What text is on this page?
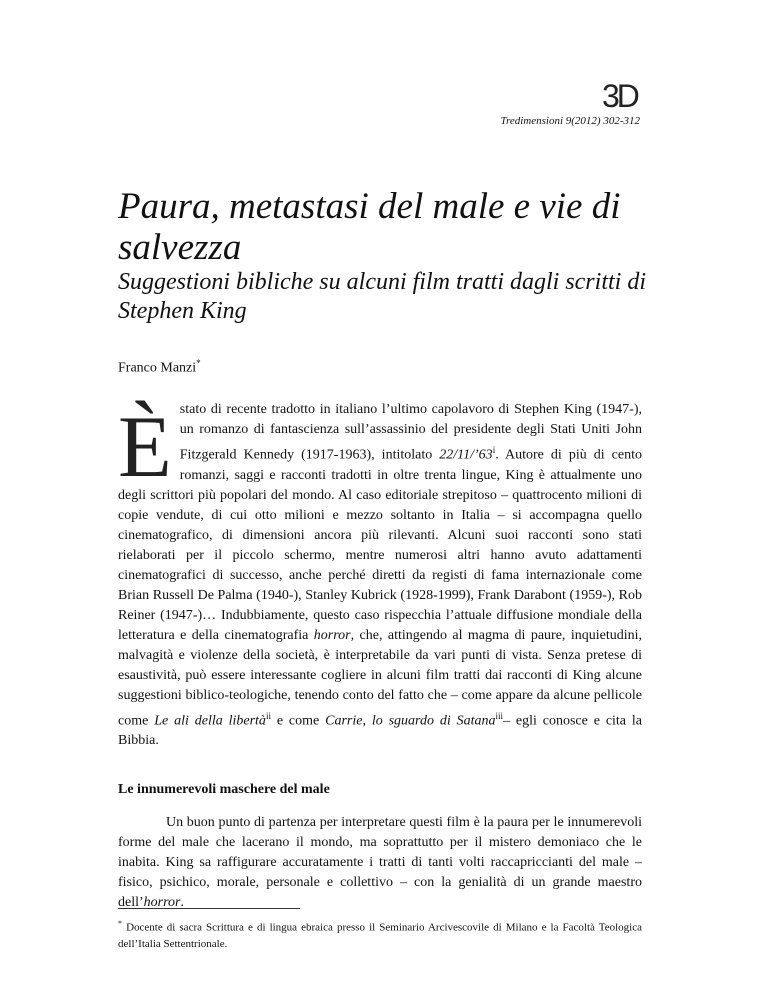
3D
Tredimensioni 9(2012) 302-312
Paura, metastasi del male e vie di salvezza
Suggestioni bibliche su alcuni film tratti dagli scritti di Stephen King
Franco Manzi*
È stato di recente tradotto in italiano l’ultimo capolavoro di Stephen King (1947-), un romanzo di fantascienza sull’assassinio del presidente degli Stati Uniti John Fitzgerald Kennedy (1917-1963), intitolato 22/11/’63$^i$. Autore di più di cento romanzi, saggi e racconti tradotti in oltre trenta lingue, King è attualmente uno degli scrittori più popolari del mondo. Al caso editoriale strepitoso – quattrocento milioni di copie vendute, di cui otto milioni e mezzo soltanto in Italia – si accompagna quello cinematografico, di dimensioni ancora più rilevanti. Alcuni suoi racconti sono stati rielaborati per il piccolo schermo, mentre numerosi altri hanno avuto adattamenti cinematografici di successo, anche perché diretti da registi di fama internazionale come Brian Russell De Palma (1940-), Stanley Kubrick (1928-1999), Frank Darabont (1959-), Rob Reiner (1947-)… Indubbiamente, questo caso rispecchia l’attuale diffusione mondiale della letteratura e della cinematografia horror, che, attingendo al magma di paure, inquietudini, malvagità e violenze della società, è interpretabile da vari punti di vista. Senza pretese di esaustività, può essere interessante cogliere in alcuni film tratti dai racconti di King alcune suggestioni biblico-teologiche, tenendo conto del fatto che – come appare da alcune pellicole come Le ali della libertà$^{ii}$ e come Carrie, lo sguardo di Satana$^{iii}$– egli conosce e cita la Bibbia.

Le innumerevoli maschere del male

Un buon punto di partenza per interpretare questi film è la paura per le innumerevoli forme del male che lacerano il mondo, ma soprattutto per il mistero demoniaco che le inabita. King sa raffigurare accuratamente i tratti di tanti volti raccapriccianti del male – fisico, psichico, morale, personale e collettivo – con la genialità di un grande maestro dell’horror.

* Docente di sacra Scrittura e di lingua ebraica presso il Seminario Arcivescovile di Milano e la Facoltà Teologica dell’Italia Settentrionale.
